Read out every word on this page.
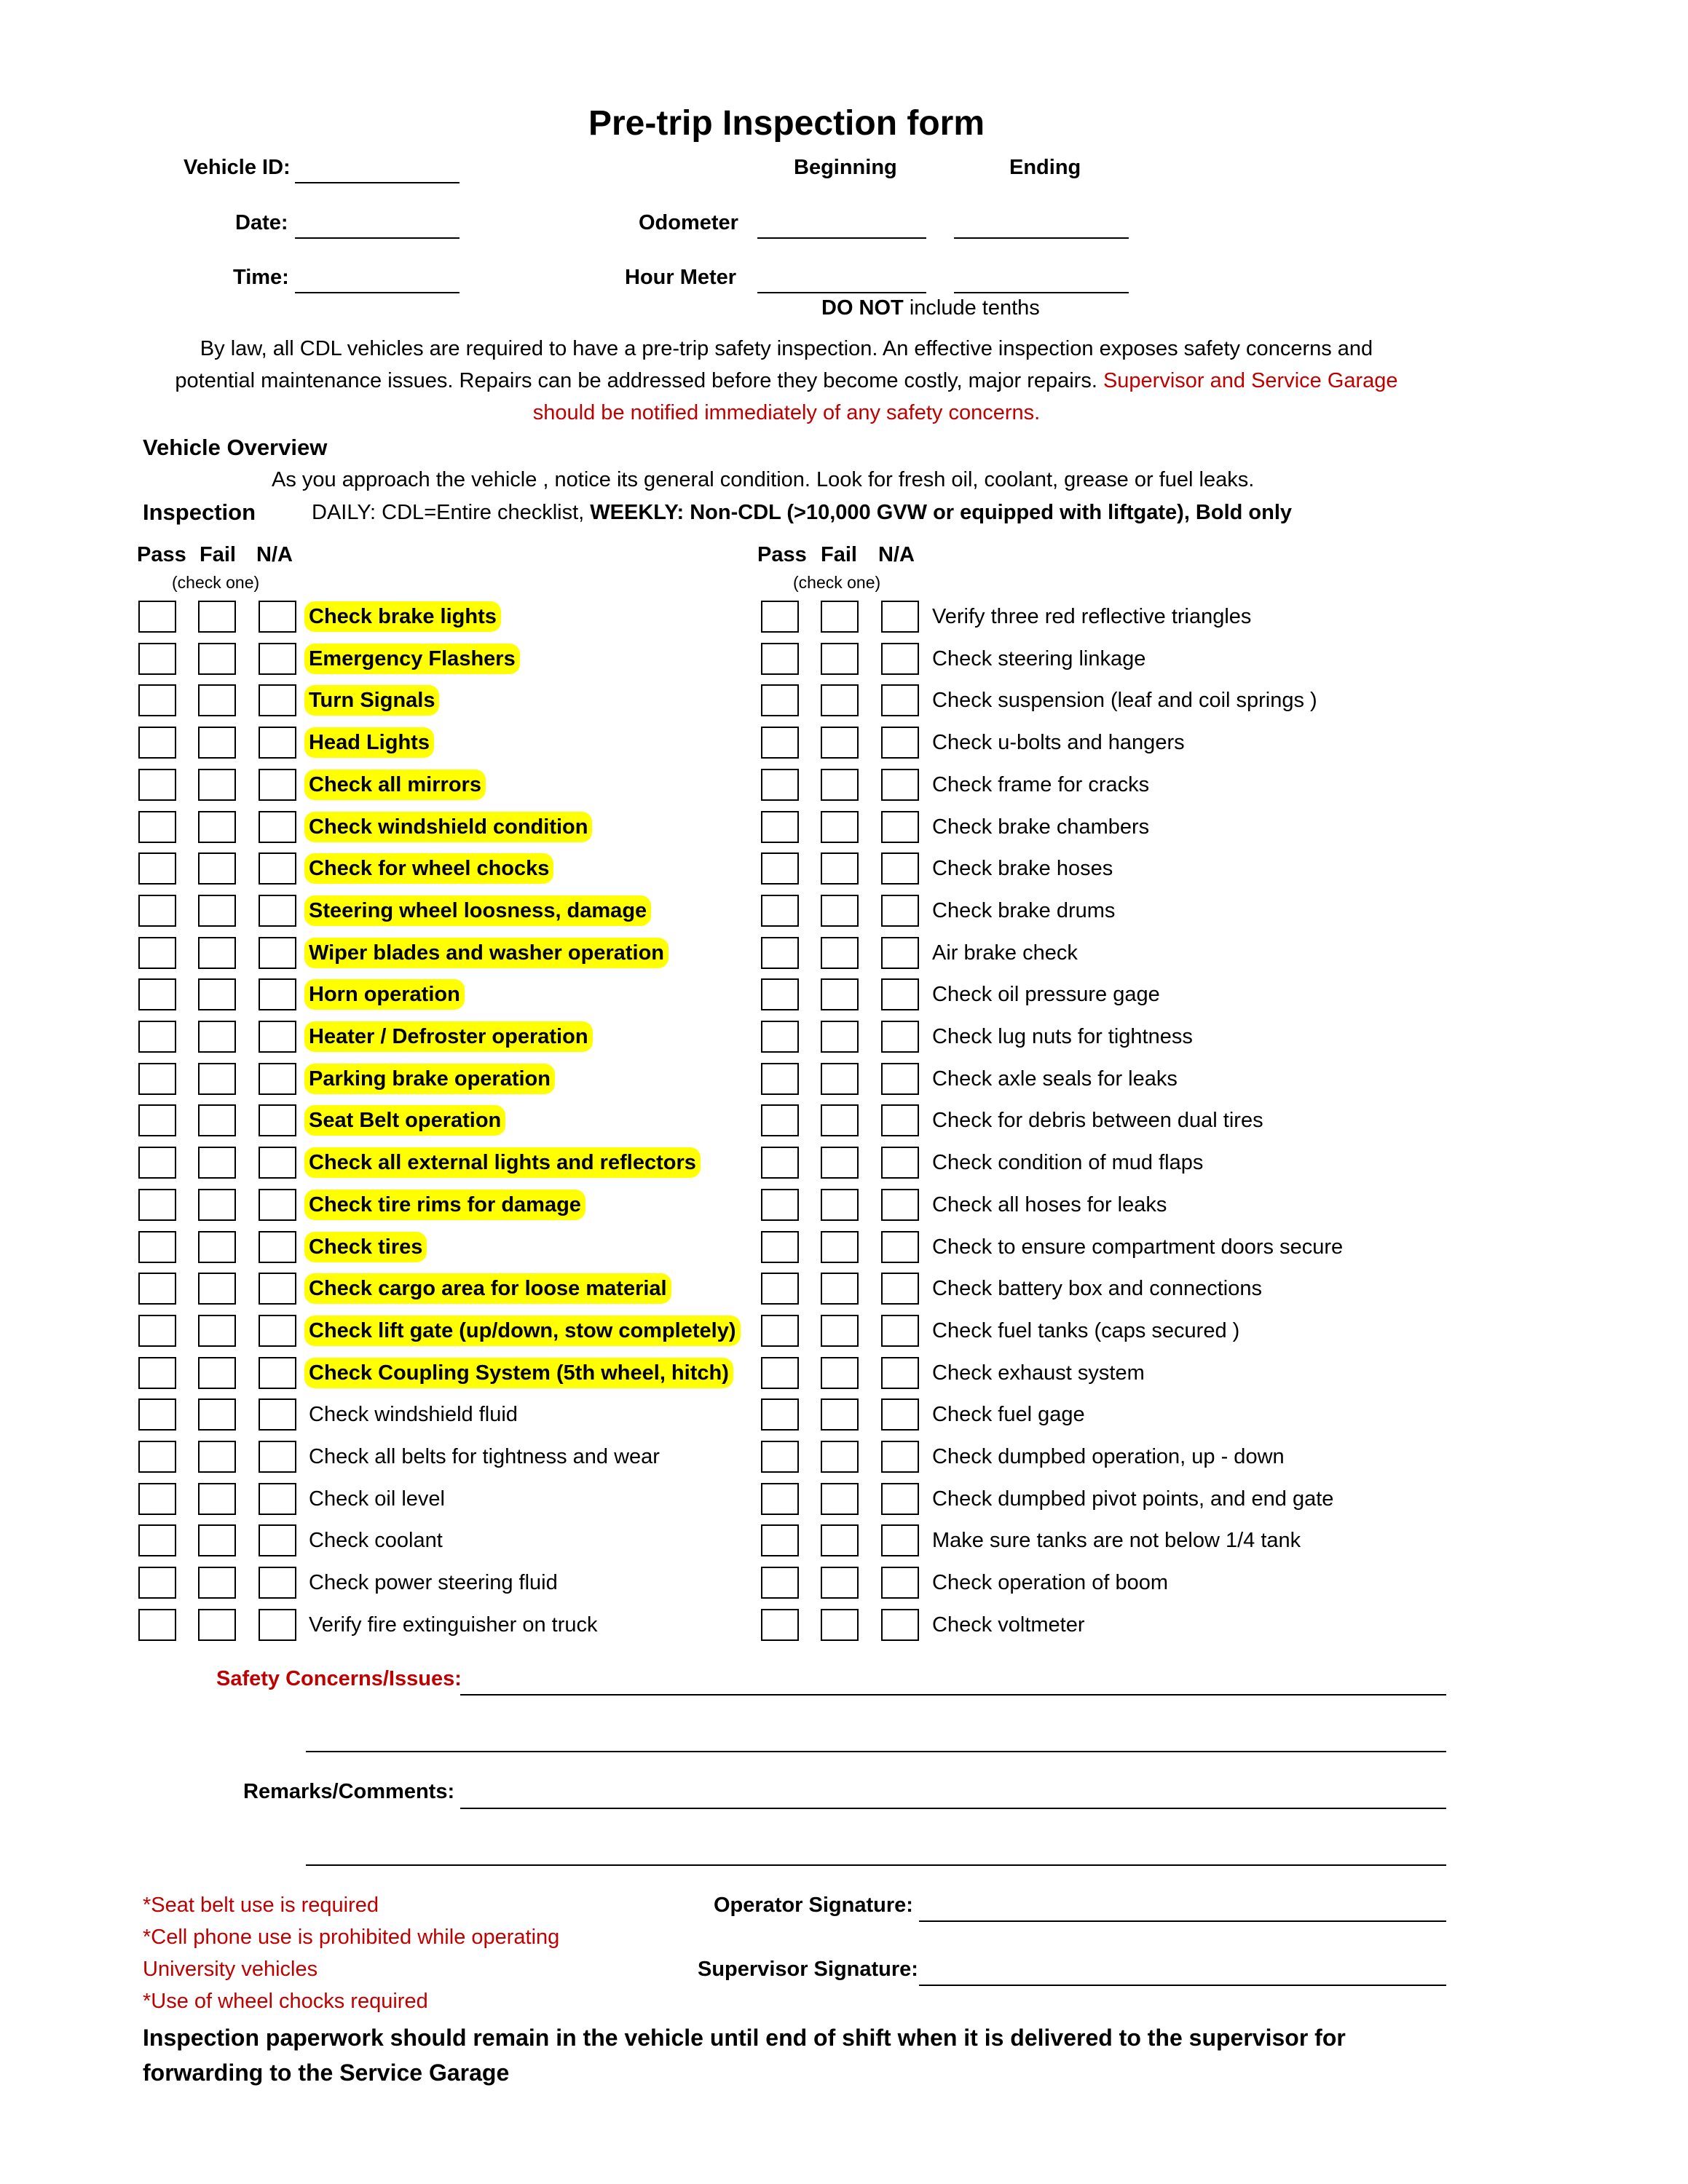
Pre-trip Inspection form
Vehicle ID:	Beginning	Ending
Date:	Odometer
Time:	Hour Meter
DO NOT include tenths
By law, all CDL vehicles are required to have a pre-trip safety inspection. An effective inspection exposes safety concerns and
potential maintenance issues. Repairs can be addressed before they become costly, major repairs. Supervisor and Service Garage
should be notified immediately of any safety concerns.
Vehicle Overview
As you approach the vehicle , notice its general condition. Look for fresh oil, coolant, grease or fuel leaks.
Inspection	DAILY: CDL=Entire checklist, WEEKLY: Non-CDL (>10,000 GVW or equipped with liftgate), Bold only
Pass Fail N/A
(check one)
Pass Fail N/A
(check one)
Check brake lights
Emergency Flashers
Turn Signals
Head Lights
Check all mirrors
Check windshield condition
Check for wheel chocks
Steering wheel loosness, damage
Wiper blades and washer operation
Horn operation
Heater / Defroster operation
Parking brake operation
Seat Belt operation
Check all external lights and reflectors
Check tire rims for damage
Check tires
Check cargo area for loose material
Check lift gate (up/down, stow completely)
Check Coupling System (5th wheel, hitch)
Check windshield fluid
Check all belts for tightness and wear
Check oil level
Check coolant
Check power steering fluid
Verify fire extinguisher on truck
Verify three red reflective triangles
Check steering linkage
Check suspension (leaf and coil springs )
Check u-bolts and hangers
Check frame for cracks
Check brake chambers
Check brake hoses
Check brake drums
Air brake check
Check oil pressure gage
Check lug nuts for tightness
Check axle seals for leaks
Check for debris between dual tires
Check condition of mud flaps
Check all hoses for leaks
Check to ensure compartment doors secure
Check battery box and connections
Check fuel tanks (caps secured )
Check exhaust system
Check fuel gage
Check dumpbed operation, up - down
Check dumpbed pivot points, and end gate
Make sure tanks are not below 1/4 tank
Check operation of boom
Check voltmeter
Safety Concerns/Issues:
Remarks/Comments:
*Seat belt use is required
*Cell phone use is prohibited while operating
University vehicles
*Use of wheel chocks required
Operator Signature:
Supervisor Signature:
Inspection paperwork should remain in the vehicle until end of shift when it is delivered to the supervisor for
forwarding to the Service Garage
